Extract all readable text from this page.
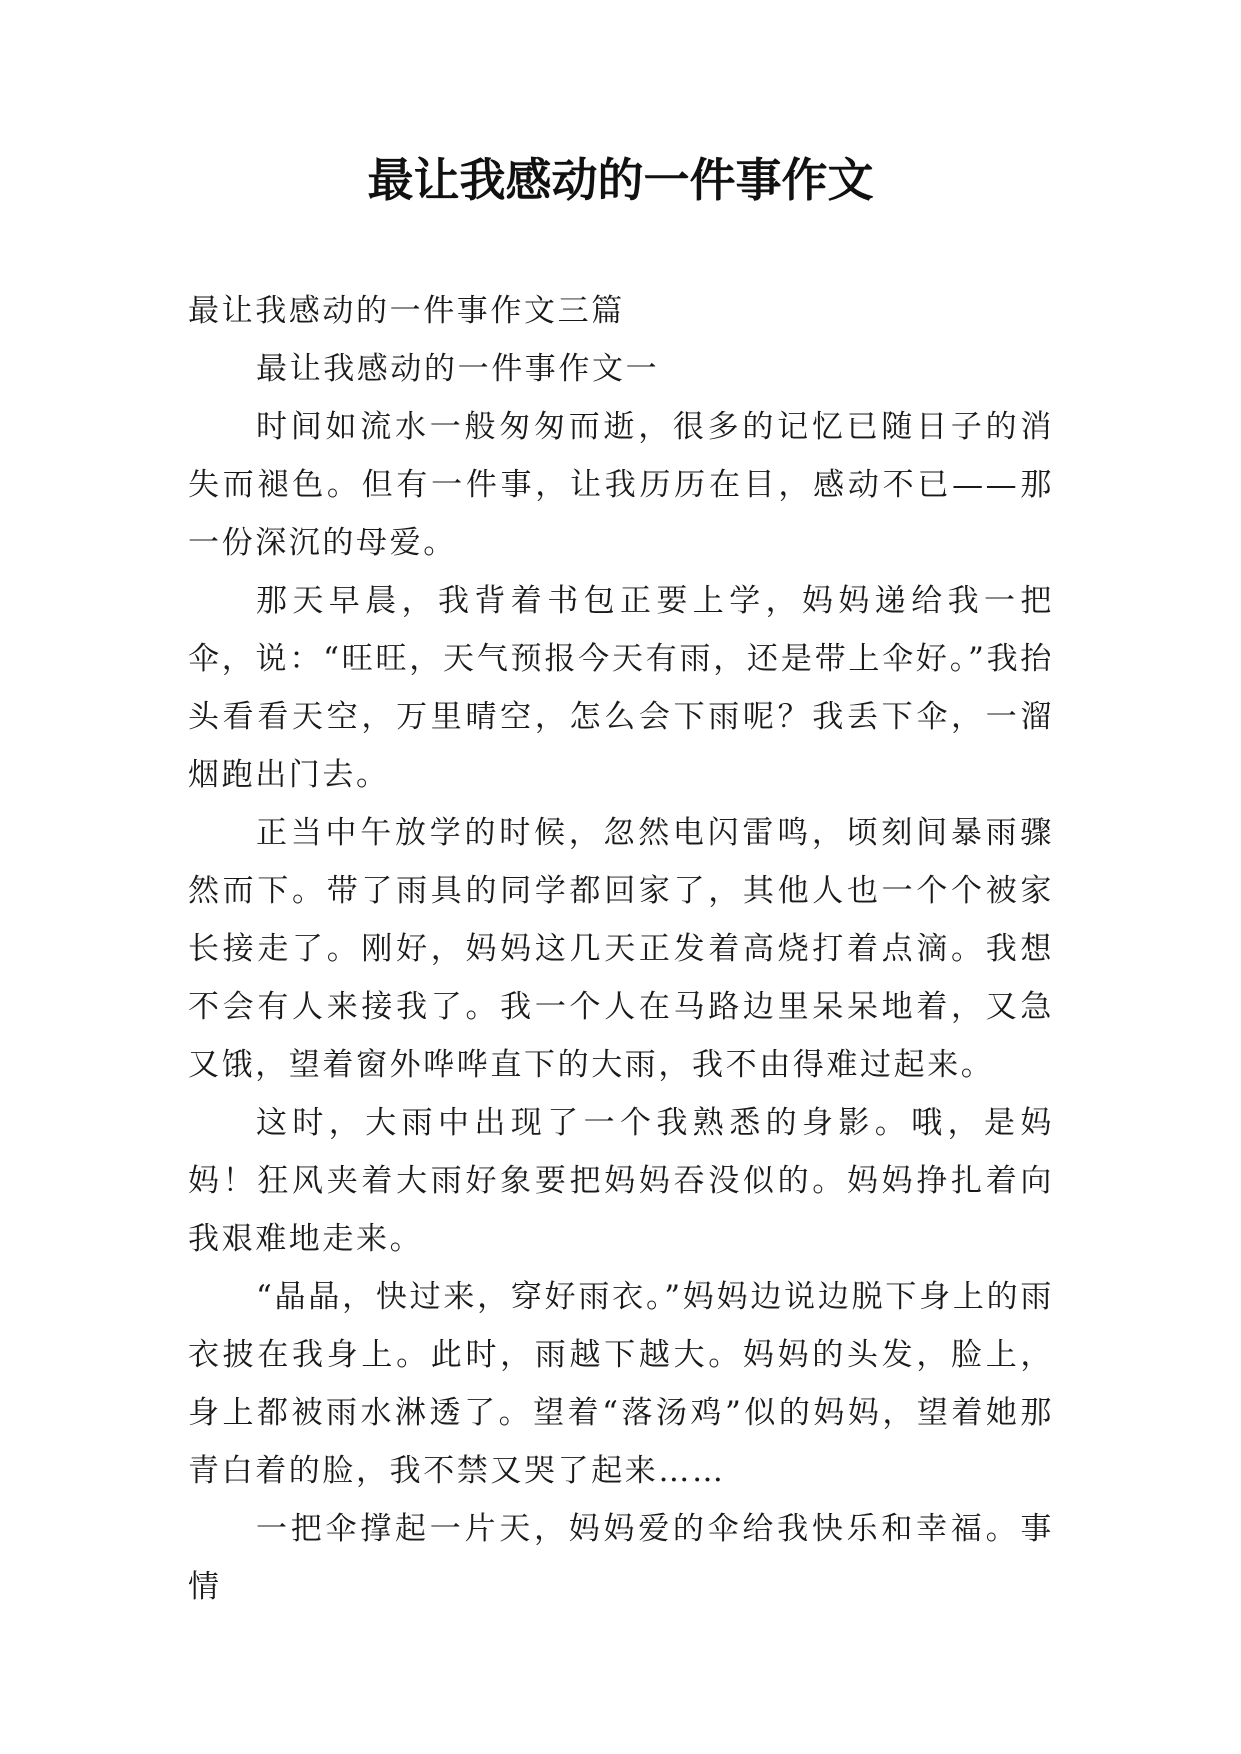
最让我感动的一件事作文

最让我感动的一件事作文三篇

最让我感动的一件事作文一

时间如流水一般匆匆而逝，很多的记忆已随日子的消失而褪色。但有一件事，让我历历在目，感动不已——那一份深沉的母爱。

那天早晨，我背着书包正要上学，妈妈递给我一把伞，说：“旺旺，天气预报今天有雨，还是带上伞好。”我抬头看看天空，万里晴空，怎么会下雨呢？我丢下伞，一溜烟跑出门去。

正当中午放学的时候，忽然电闪雷鸣，顷刻间暴雨骤然而下。带了雨具的同学都回家了，其他人也一个个被家长接走了。刚好，妈妈这几天正发着高烧打着点滴。我想不会有人来接我了。我一个人在马路边里呆呆地着，又急又饿，望着窗外哗哗直下的大雨，我不由得难过起来。

这时，大雨中出现了一个我熟悉的身影。哦，是妈妈！狂风夹着大雨好象要把妈妈吞没似的。妈妈挣扎着向我艰难地走来。

“晶晶，快过来，穿好雨衣。”妈妈边说边脱下身上的雨衣披在我身上。此时，雨越下越大。妈妈的头发，脸上，身上都被雨水淋透了。望着“落汤鸡”似的妈妈，望着她那青白着的脸，我不禁又哭了起来……

一把伞撑起一片天，妈妈爱的伞给我快乐和幸福。事情
